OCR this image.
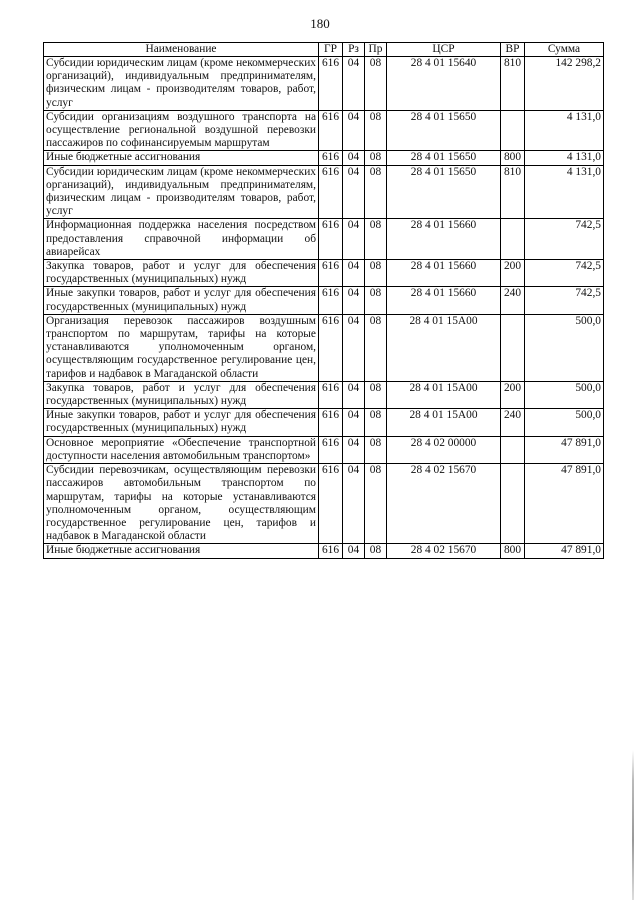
180
Наименование	ГР	Рз	Пр	ЦСР	ВР	Сумма
Субсидии юридическим лицам (кроме некоммерческих организаций), индивидуальным предпринимателям, физическим лицам - производителям товаров, работ, услуг	616	04	08	28 4 01 15640	810	142 298,2
Субсидии организациям воздушного транспорта на осуществление региональной воздушной перевозки пассажиров по софинансируемым маршрутам	616	04	08	28 4 01 15650		4 131,0
Иные бюджетные ассигнования	616	04	08	28 4 01 15650	800	4 131,0
Субсидии юридическим лицам (кроме некоммерческих организаций), индивидуальным предпринимателям, физическим лицам - производителям товаров, работ, услуг	616	04	08	28 4 01 15650	810	4 131,0
Информационная поддержка населения посредством предоставления справочной информации об авиарейсах	616	04	08	28 4 01 15660		742,5
Закупка товаров, работ и услуг для обеспечения государственных (муниципальных) нужд	616	04	08	28 4 01 15660	200	742,5
Иные закупки товаров, работ и услуг для обеспечения государственных (муниципальных) нужд	616	04	08	28 4 01 15660	240	742,5
Организация перевозок пассажиров воздушным транспортом по маршрутам, тарифы на которые устанавливаются уполномоченным органом, осуществляющим государственное регулирование цен, тарифов и надбавок в Магаданской области	616	04	08	28 4 01 15А00		500,0
Закупка товаров, работ и услуг для обеспечения государственных (муниципальных) нужд	616	04	08	28 4 01 15А00	200	500,0
Иные закупки товаров, работ и услуг для обеспечения государственных (муниципальных) нужд	616	04	08	28 4 01 15А00	240	500,0
Основное мероприятие «Обеспечение транспортной доступности населения автомобильным транспортом»	616	04	08	28 4 02 00000		47 891,0
Субсидии перевозчикам, осуществляющим перевозки пассажиров автомобильным транспортом по маршрутам, тарифы на которые устанавливаются уполномоченным органом, осуществляющим государственное регулирование цен, тарифов и надбавок в Магаданской области	616	04	08	28 4 02 15670		47 891,0
Иные бюджетные ассигнования	616	04	08	28 4 02 15670	800	47 891,0
